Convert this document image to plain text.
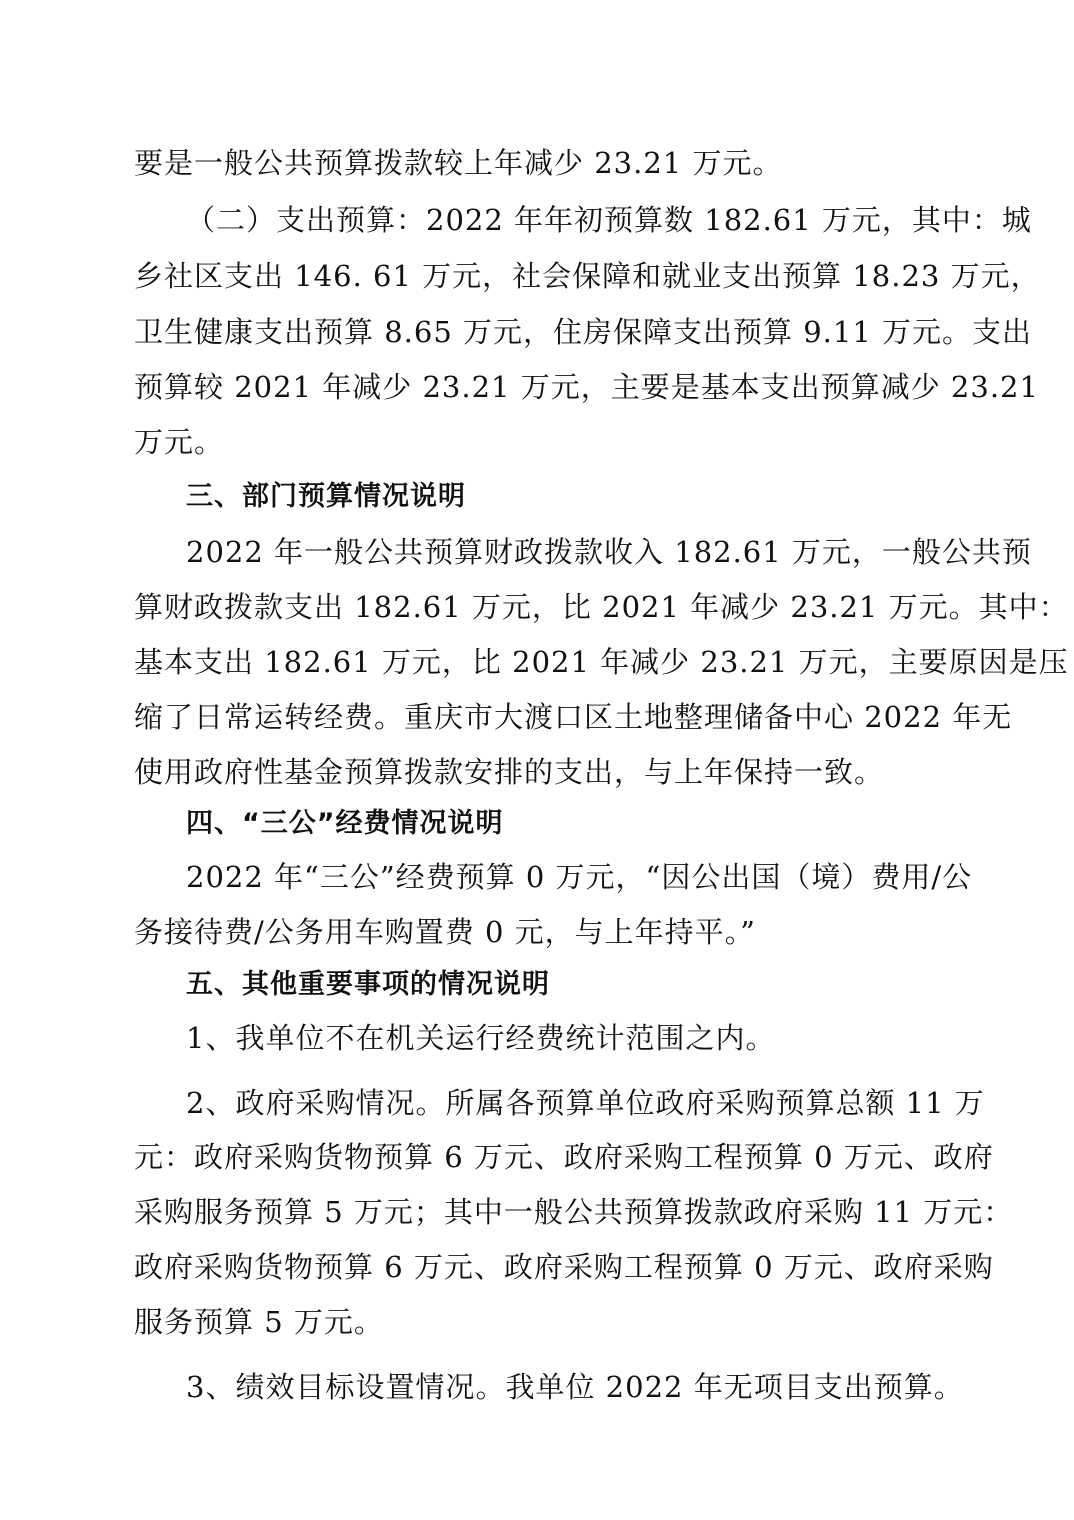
要是一般公共预算拨款较上年减少 23.21 万元。
（二）支出预算：2022 年年初预算数 182.61 万元，其中：城
乡社区支出 146. 61 万元，社会保障和就业支出预算 18.23 万元，
卫生健康支出预算 8.65 万元，住房保障支出预算 9.11 万元。支出
预算较 2021 年减少 23.21 万元，主要是基本支出预算减少 23.21
万元。
三、部门预算情况说明
2022 年一般公共预算财政拨款收入 182.61 万元，一般公共预
算财政拨款支出 182.61 万元，比 2021 年减少 23.21 万元。其中：
基本支出 182.61 万元，比 2021 年减少 23.21 万元，主要原因是压
缩了日常运转经费。重庆市大渡口区土地整理储备中心 2022 年无
使用政府性基金预算拨款安排的支出，与上年保持一致。
四、“三公”经费情况说明
2022 年“三公”经费预算 0 万元，“因公出国（境）费用/公
务接待费/公务用车购置费 0 元，与上年持平。”
五、其他重要事项的情况说明
1、我单位不在机关运行经费统计范围之内。
2、政府采购情况。所属各预算单位政府采购预算总额 11 万
元：政府采购货物预算 6 万元、政府采购工程预算 0 万元、政府
采购服务预算 5 万元；其中一般公共预算拨款政府采购 11 万元：
政府采购货物预算 6 万元、政府采购工程预算 0 万元、政府采购
服务预算 5 万元。
3、绩效目标设置情况。我单位 2022 年无项目支出预算。
